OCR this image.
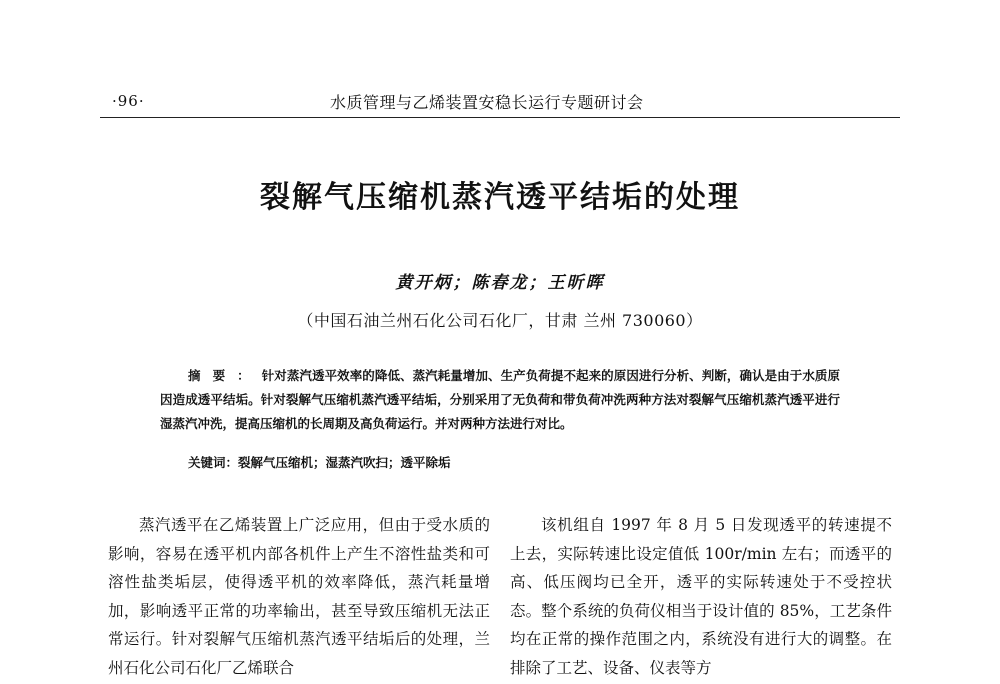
·96·	水质管理与乙烯装置安稳长运行专题研讨会
裂解气压缩机蒸汽透平结垢的处理
黄开炳；陈春龙；王昕晖
（中国石油兰州石化公司石化厂，甘肃 兰州 730060）
摘要：针对蒸汽透平效率的降低、蒸汽耗量增加、生产负荷提不起来的原因进行分析、判断，确认是由于水质原因造成透平结垢。针对裂解气压缩机蒸汽透平结垢，分别采用了无负荷和带负荷冲洗两种方法对裂解气压缩机蒸汽透平进行湿蒸汽冲洗，提高压缩机的长周期及高负荷运行。并对两种方法进行对比。
关键词：裂解气压缩机；湿蒸汽吹扫；透平除垢

蒸汽透平在乙烯装置上广泛应用，但由于受水质的影响，容易在透平机内部各机件上产生不溶性盐类和可溶性盐类垢层，使得透平机的效率降低，蒸汽耗量增加，影响透平正常的功率输出，甚至导致压缩机无法正常运行。针对裂解气压缩机蒸汽透平结垢后的处理，兰州石化公司石化厂乙烯联合

该机组自 1997 年 8 月 5 日发现透平的转速提不上去，实际转速比设定值低 100r/min 左右；而透平的高、低压阀均已全开，透平的实际转速处于不受控状态。整个系统的负荷仪相当于设计值的 85%，工艺条件均在正常的操作范围之内，系统没有进行大的调整。在排除了工艺、设备、仪表等方
